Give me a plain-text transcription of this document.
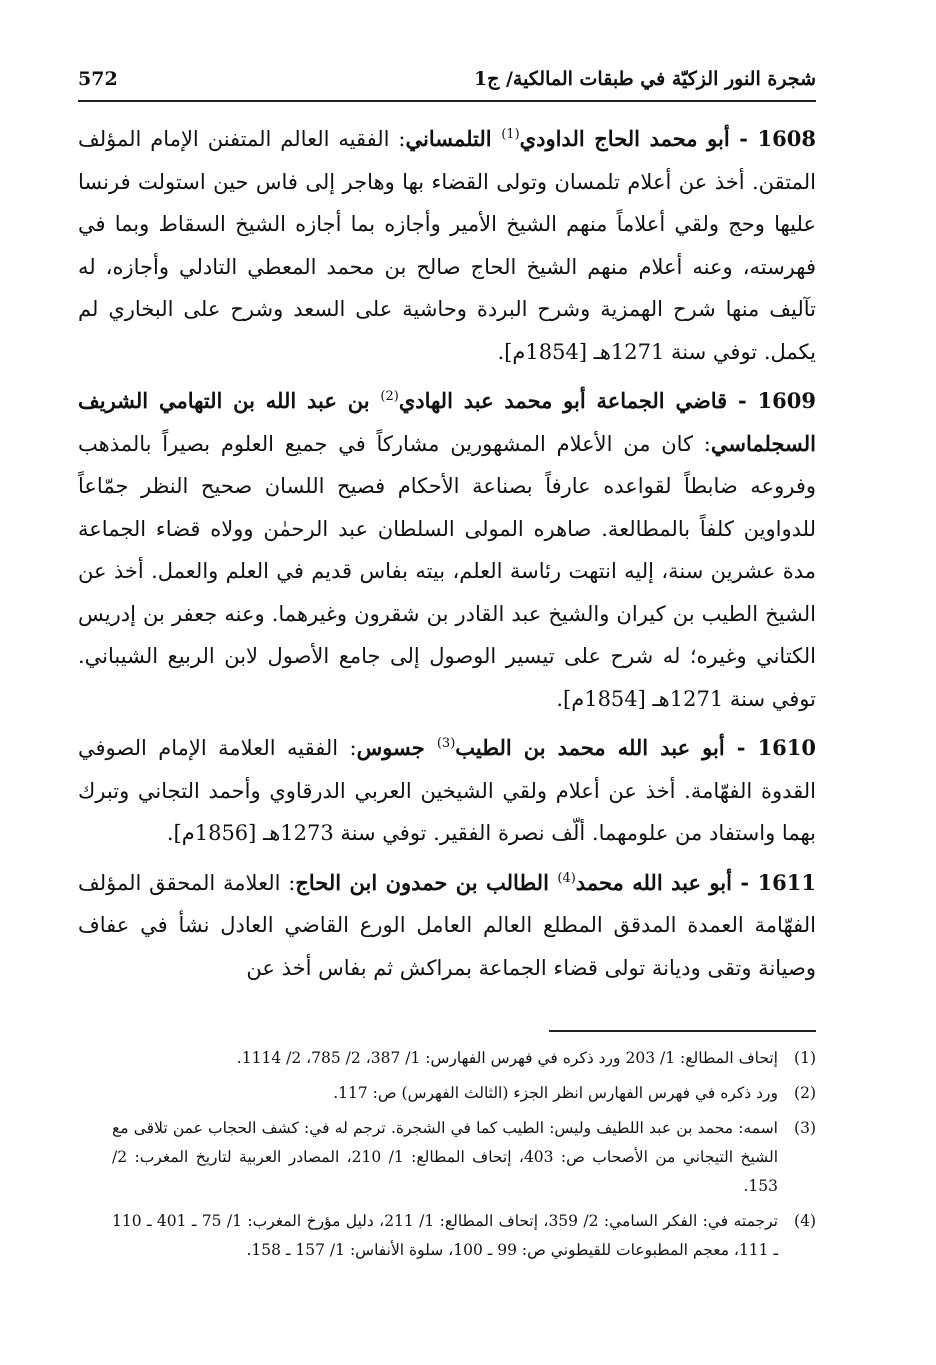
شجرة النور الزكيّة في طبقات المالكية/ ج1
572

1608 - أبو محمد الحاج الداودي$^{(1)}$ التلمساني: الفقيه العالم المتفنن الإمام المؤلف المتقن. أخذ عن أعلام تلمسان وتولى القضاء بها وهاجر إلى فاس حين استولت فرنسا عليها وحج ولقي أعلاماً منهم الشيخ الأمير وأجازه بما أجازه الشيخ السقاط وبما في فهرسته، وعنه أعلام منهم الشيخ الحاج صالح بن محمد المعطي التادلي وأجازه، له تآليف منها شرح الهمزية وشرح البردة وحاشية على السعد وشرح على البخاري لم يكمل. توفي سنة 1271هـ [1854م].

1609 - قاضي الجماعة أبو محمد عبد الهادي$^{(2)}$ بن عبد الله بن التهامي الشريف السجلماسي: كان من الأعلام المشهورين مشاركاً في جميع العلوم بصيراً بالمذهب وفروعه ضابطاً لقواعده عارفاً بصناعة الأحكام فصيح اللسان صحيح النظر جمّاعاً للدواوين كلفاً بالمطالعة. صاهره المولى السلطان عبد الرحمٰن وولاه قضاء الجماعة مدة عشرين سنة، إليه انتهت رئاسة العلم، بيته بفاس قديم في العلم والعمل. أخذ عن الشيخ الطيب بن كيران والشيخ عبد القادر بن شقرون وغيرهما. وعنه جعفر بن إدريس الكتاني وغيره؛ له شرح على تيسير الوصول إلى جامع الأصول لابن الربيع الشيباني. توفي سنة 1271هـ [1854م].

1610 - أبو عبد الله محمد بن الطيب$^{(3)}$ جسوس: الفقيه العلامة الإمام الصوفي القدوة الفهّامة. أخذ عن أعلام ولقي الشيخين العربي الدرقاوي وأحمد التجاني وتبرك بهما واستفاد من علومهما. ألّف نصرة الفقير. توفي سنة 1273هـ [1856م].

1611 - أبو عبد الله محمد$^{(4)}$ الطالب بن حمدون ابن الحاج: العلامة المحقق المؤلف الفهّامة العمدة المدقق المطلع العالم العامل الورع القاضي العادل نشأ في عفاف وصيانة وتقى وديانة تولى قضاء الجماعة بمراكش ثم بفاس أخذ عن

(1)
إتحاف المطالع: 1/ 203 ورد ذكره في فهرس الفهارس: 1/ 387، 2/ 785، 2/ 1114.
(2)
ورد ذكره في فهرس الفهارس انظر الجزء (الثالث الفهرس) ص: 117.
(3)
اسمه: محمد بن عبد اللطيف وليس: الطيب كما في الشجرة. ترجم له في: كشف الحجاب عمن تلاقى مع الشيخ التيجاني من الأصحاب ص: 403، إتحاف المطالع: 1/ 210، المصادر العربية لتاريخ المغرب: 2/ 153.
(4)
ترجمته في: الفكر السامي: 2/ 359، إتحاف المطالع: 1/ 211، دليل مؤرخ المغرب: 1/ 75 ـ 401 ـ 110 ـ 111، معجم المطبوعات للقيطوني ص: 99 ـ 100، سلوة الأنفاس: 1/ 157 ـ 158.
